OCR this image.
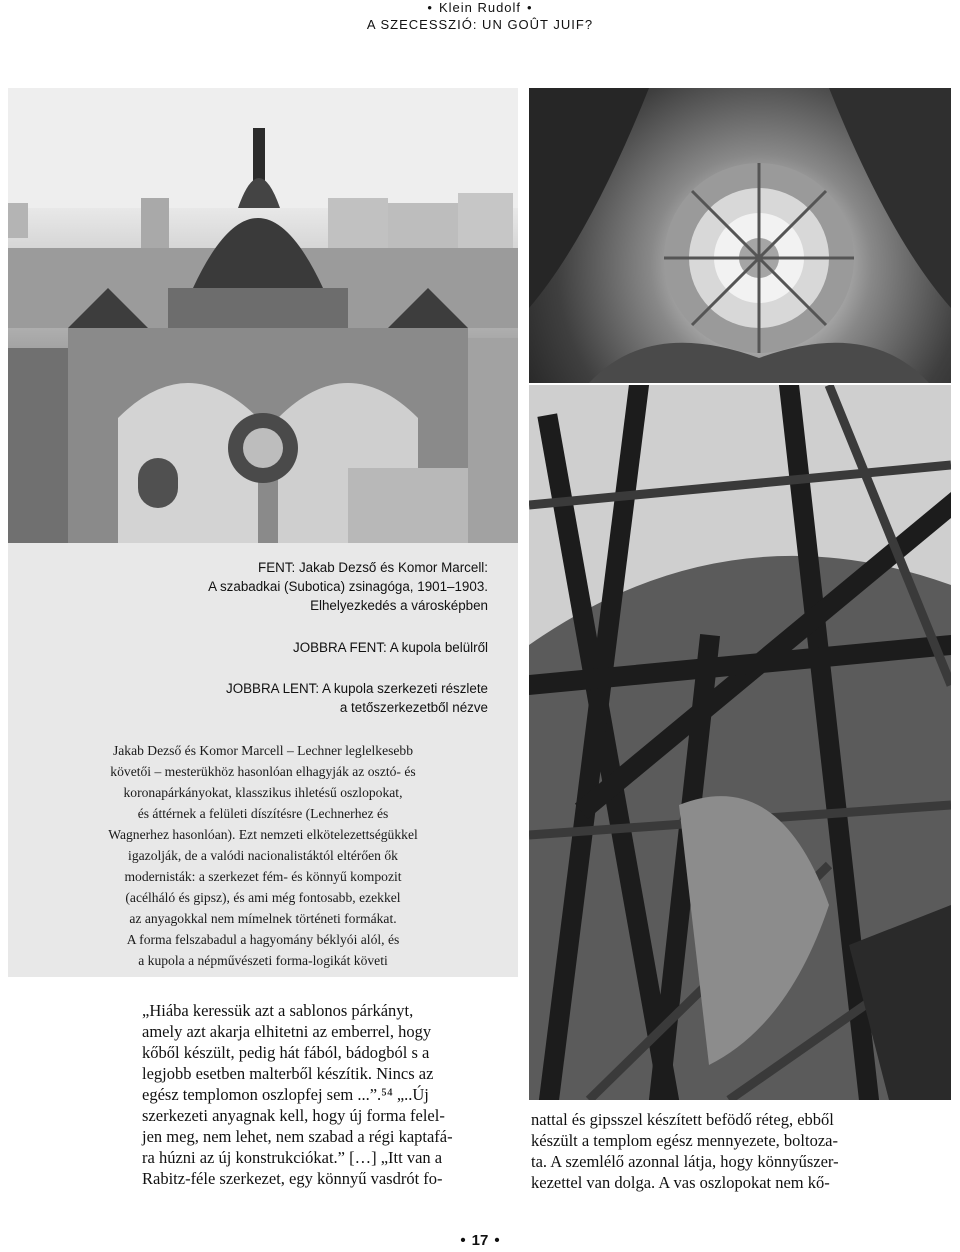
• Klein Rudolf •
A SZECESSZIÓ: UN GOÛT JUIF?
FENT: Jakab Dezső és Komor Marcell:
A szabadkai (Subotica) zsinagóga, 1901–1903.
Elhelyezkedés a városképben
JOBBRA FENT: A kupola belülről
JOBBRA LENT: A kupola szerkezeti részlete
a tetőszerkezetből nézve
Jakab Dezső és Komor Marcell – Lechner leglelkesebb
követői – mesterükhöz hasonlóan elhagyják az osztó- és
koronapárkányokat, klasszikus ihletésű oszlopokat,
és áttérnek a felületi díszítésre (Lechnerhez és
Wagnerhez hasonlóan). Ezt nemzeti elkötelezettségükkel
igazolják, de a valódi nacionalistáktól eltérően ők
modernisták: a szerkezet fém- és könnyű kompozit
(acélháló és gipsz), és ami még fontosabb, ezekkel
az anyagokkal nem mímelnek történeti formákat.
A forma felszabadul a hagyomány béklyói alól, és
a kupola a népművészeti forma-logikát követi
„Hiába keressük azt a sablonos párkányt,
amely azt akarja elhitetni az emberrel, hogy
kőből készült, pedig hát fából, bádogból s a
legjobb esetben malterből készítik. Nincs az
egész templomon oszlopfej sem ...”.⁵⁴ „..Új
szerkezeti anyagnak kell, hogy új forma felel-
jen meg, nem lehet, nem szabad a régi kaptafá-
ra húzni az új konstrukciókat.” […] „Itt van a
Rabitz-féle szerkezet, egy könnyű vasdrót fo-
nattal és gipsszel készített befödő réteg, ebből
készült a templom egész mennyezete, boltoza-
ta. A szemlélő azonnal látja, hogy könnyűszer-
kezettel van dolga. A vas oszlopokat nem kő-
• 17 •
